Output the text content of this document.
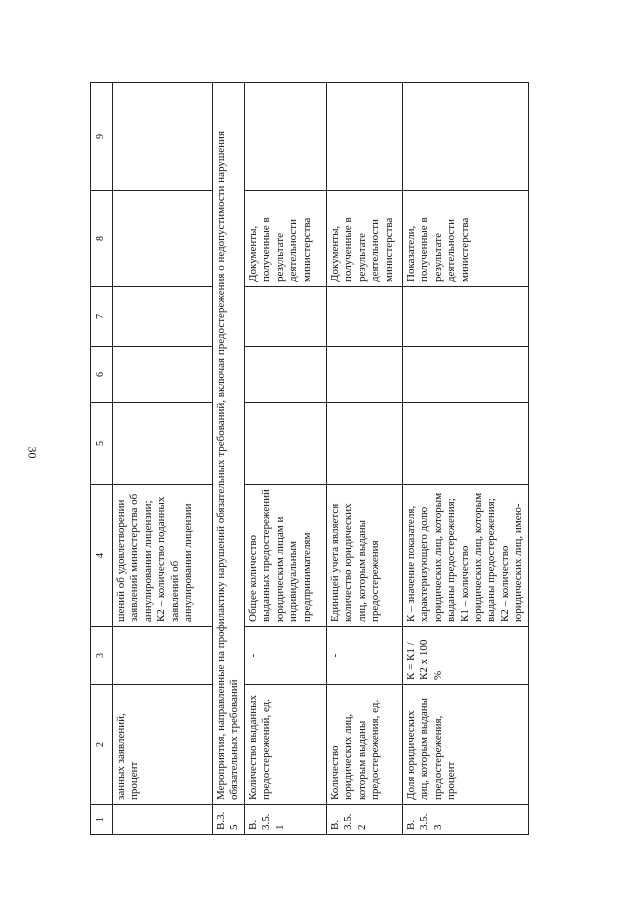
30
1	2	3	4	5	6	7	8	9
	занных заявлений, процент		шений об удовлетворении заявлений министерства об аннулировании лицензии; К2 – количество поданных заявлений об аннулировании лицензии					
В.3.5	Мероприятия, направленные на профилактику нарушений обязательных требований, включая предостережения о недопустимости нарушения обязательных требований							
В. 3.5.1	Количество выданных предостережений, ед.	-	Общее количество выданных предостережений юридическим лицам и индивидуальным предпринимателям				Документы, полученные в результате деятельности министерства	
В. 3.5.2	Количество юридических лиц, которым выданы предостережения, ед.	-	Единицей учета является количество юридических лиц, которым выданы предостережения				Документы, полученные в результате деятельности министерства	
В. 3.5.3	Доля юридических лиц, которым выданы предостережения, процент	К = К1 / К2 х 100 %	К – значение показателя, характеризующего долю юридических лиц, которым выданы предостережения; К1 – количество юридических лиц, которым выданы предостережения; К2 – количество юридических лиц, имею-				Показатели, полученные в результате деятельности министерства	
